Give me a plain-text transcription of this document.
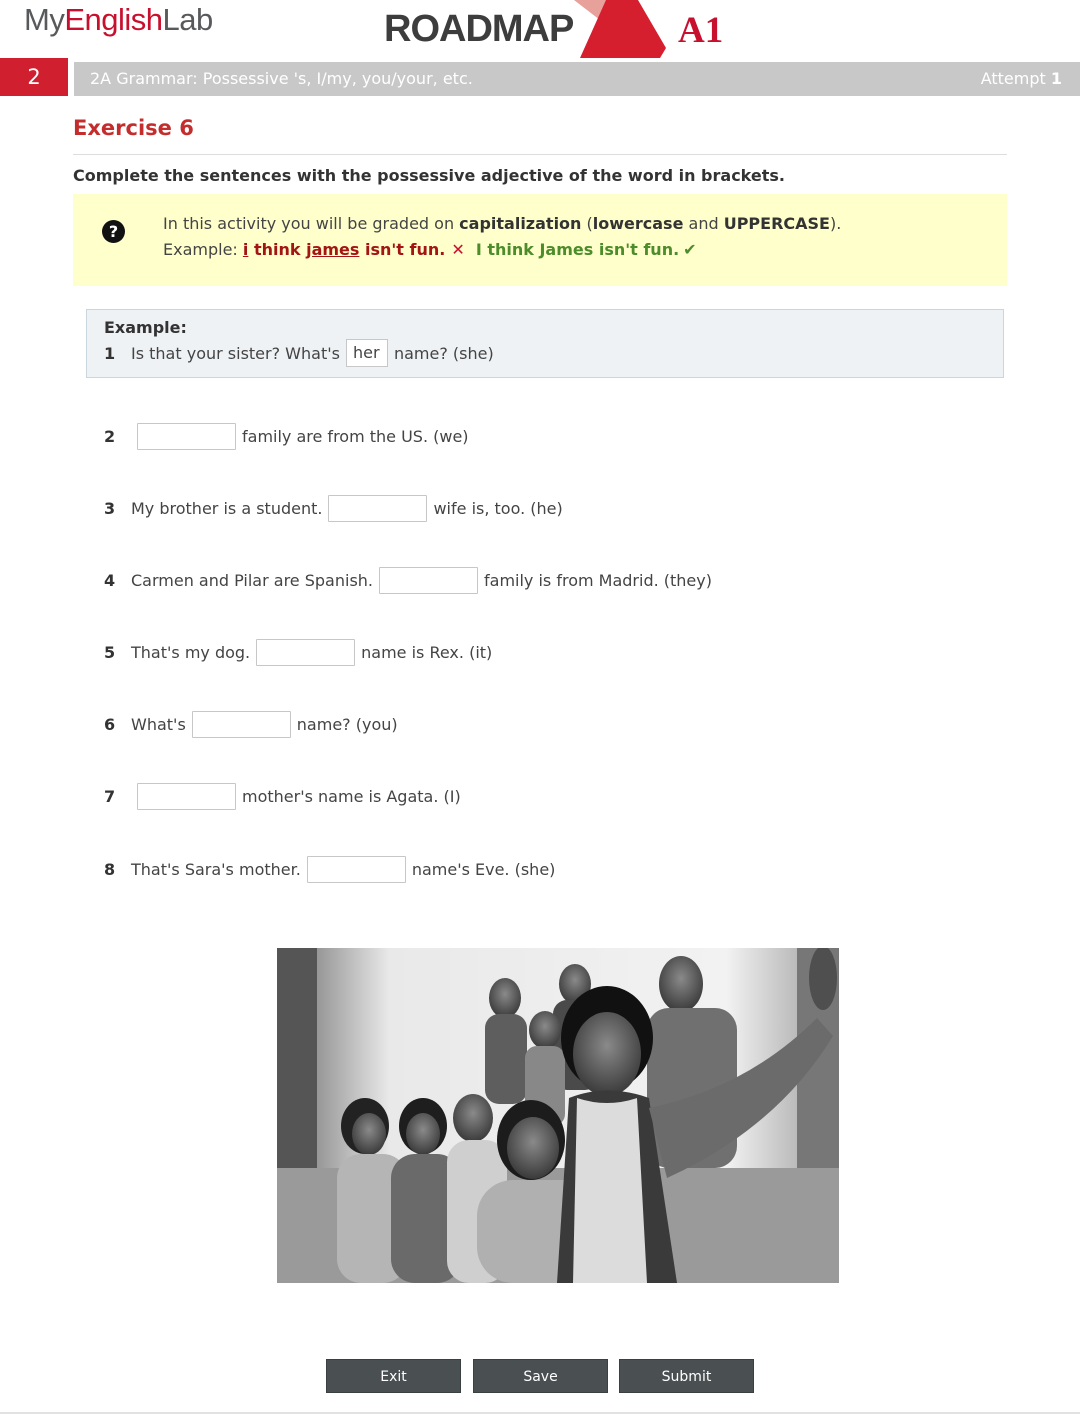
MyEnglishLab	ROADMAP	A1
2	2A Grammar: Possessive 's, I/my, you/your, etc.	Attempt 1
Exercise 6
Complete the sentences with the possessive adjective of the word in brackets.
?	In this activity you will be graded on capitalization (lowercase and UPPERCASE).
Example: i think james isn't fun. ✕ I think James isn't fun. ✔
Example:
1 Is that your sister? What's her name? (she)
2	family are from the US. (we)
3 My brother is a student.	wife is, too. (he)
4 Carmen and Pilar are Spanish.	family is from Madrid. (they)
5 That's my dog.	name is Rex. (it)
6 What's	name? (you)
7	mother's name is Agata. (I)
8 That's Sara's mother.	name's Eve. (she)
Exit	Save	Submit
